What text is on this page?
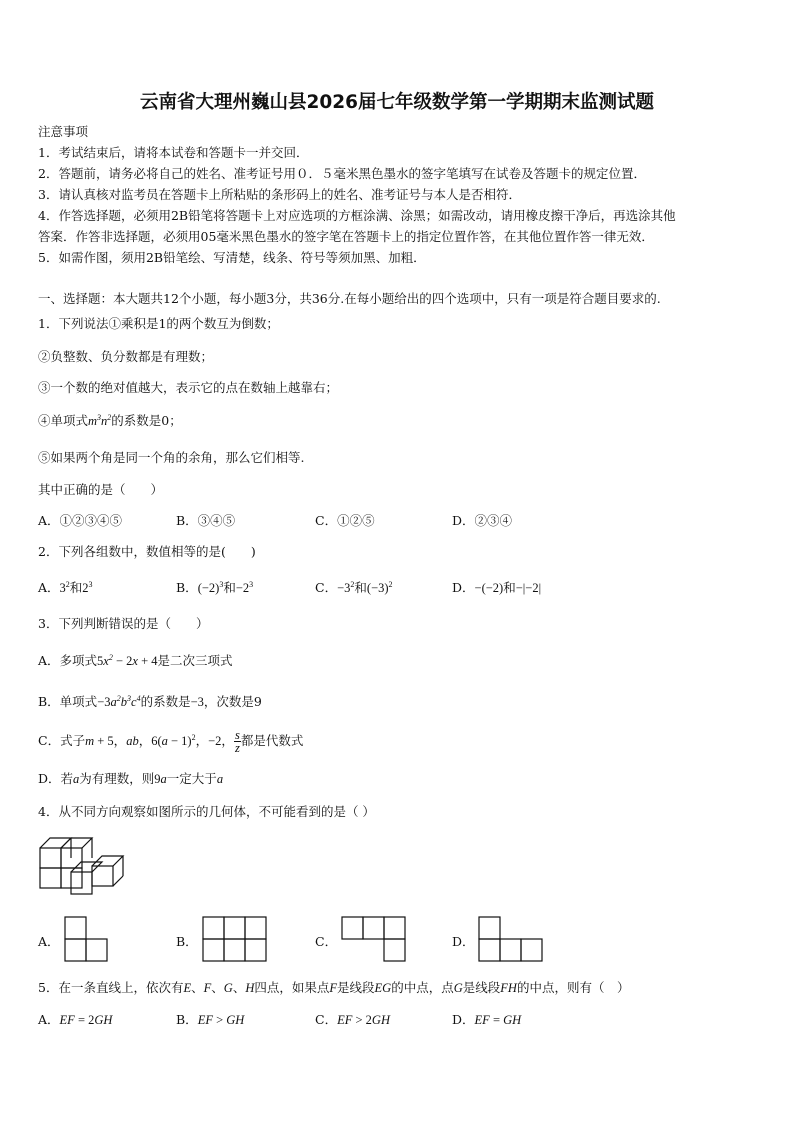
云南省大理州巍山县2026届七年级数学第一学期期末监测试题
注意事项
1．考试结束后，请将本试卷和答题卡一并交回．
2．答题前，请务必将自己的姓名、准考证号用０．５毫米黑色墨水的签字笔填写在试卷及答题卡的规定位置．
3．请认真核对监考员在答题卡上所粘贴的条形码上的姓名、准考证号与本人是否相符．
4．作答选择题，必须用2B铅笔将答题卡上对应选项的方框涂满、涂黑；如需改动，请用橡皮擦干净后，再选涂其他
答案．作答非选择题，必须用05毫米黑色墨水的签字笔在答题卡上的指定位置作答，在其他位置作答一律无效．
5．如需作图，须用2B铅笔绘、写清楚，线条、符号等须加黑、加粗．
一、选择题：本大题共12个小题，每小题3分，共36分.在每小题给出的四个选项中，只有一项是符合题目要求的.
1．下列说法①乘积是1的两个数互为倒数；
②负整数、负分数都是有理数；
③一个数的绝对值越大，表示它的点在数轴上越靠右；
④单项式$m^3n^2$的系数是0；
⑤如果两个角是同一个角的余角，那么它们相等.
其中正确的是（　　）
A．①②③④⑤	B．③④⑤	C．①②⑤	D．②③④
2．下列各组数中，数值相等的是(　　)
A．$3^2$和$2^3$	B．$(-2)^3$和$-2^3$	C．$-3^2$和$(-3)^2$	D．−(−2)和−|−2|
3．下列判断错误的是（　　）
A．多项式$5x^2 - 2x + 4$是二次三项式
B．单项式$-3a^2b^3c^4$的系数是−3，次数是9
C．式子m + 5，ab，$6(a - 1)^2$，−2， $\frac{s}{z}$ 都是代数式
D．若a为有理数，则9a一定大于a
4．从不同方向观察如图所示的几何体，不可能看到的是（ ）
A．	B．	C．	D．
5．在一条直线上，依次有E、F、G、H四点，如果点F是线段EG的中点，点G是线段FH的中点，则有（　）
A．EF = 2GH	B．EF > GH	C．EF > 2GH	D．EF = GH
